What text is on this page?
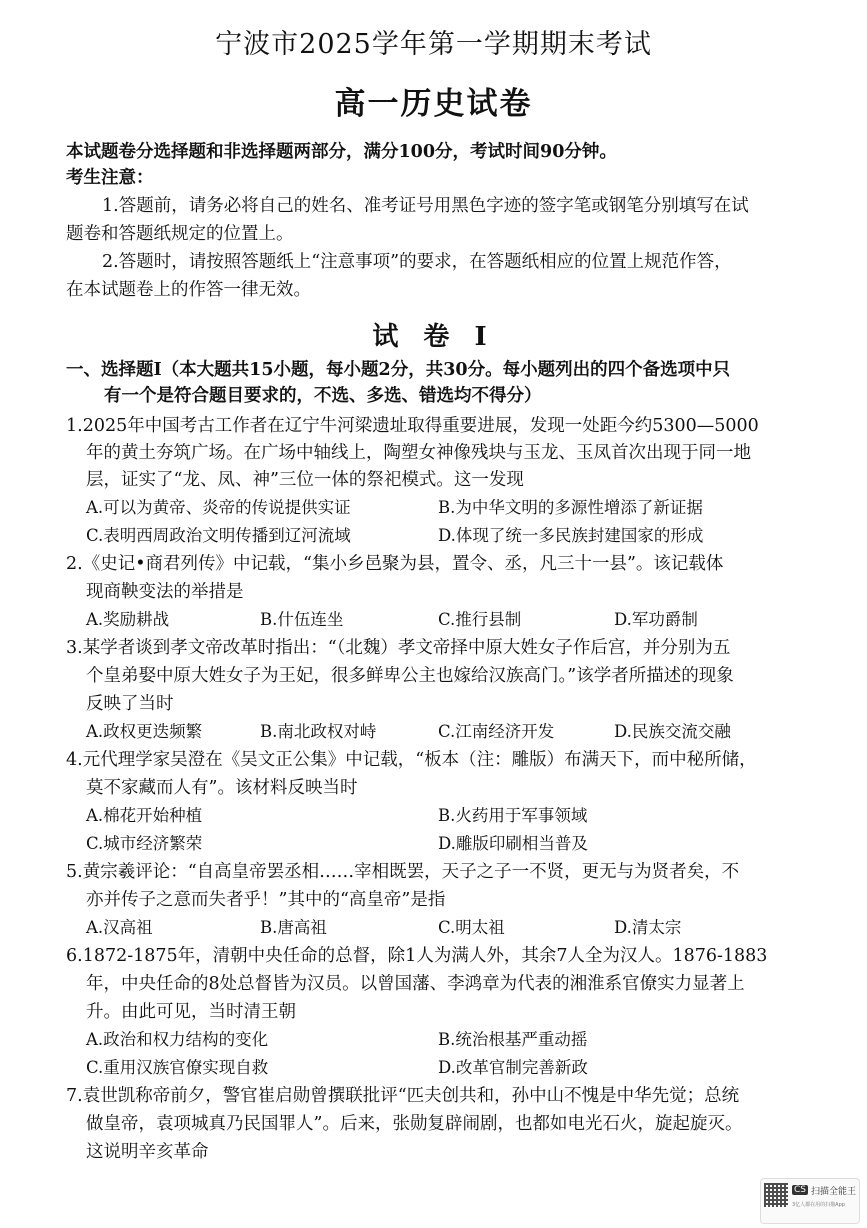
宁波市2025学年第一学期期末考试
高一历史试卷
本试题卷分选择题和非选择题两部分，满分100分，考试时间90分钟。
考生注意：
1.答题前，请务必将自己的姓名、准考证号用黑色字迹的签字笔或钢笔分别填写在试
题卷和答题纸规定的位置上。
2.答题时，请按照答题纸上“注意事项”的要求，在答题纸相应的位置上规范作答，
在本试题卷上的作答一律无效。
试 卷 Ⅰ
一、选择题Ⅰ（本大题共15小题，每小题2分，共30分。每小题列出的四个备选项中只
有一个是符合题目要求的，不选、多选、错选均不得分）
1.2025年中国考古工作者在辽宁牛河梁遗址取得重要进展，发现一处距今约5300—5000
年的黄土夯筑广场。在广场中轴线上，陶塑女神像残块与玉龙、玉凤首次出现于同一地
层，证实了“龙、凤、神”三位一体的祭祀模式。这一发现
A.可以为黄帝、炎帝的传说提供实证	B.为中华文明的多源性增添了新证据
C.表明西周政治文明传播到辽河流域	D.体现了统一多民族封建国家的形成
2.《史记•商君列传》中记载，“集小乡邑聚为县，置令、丞，凡三十一县”。该记载体
现商鞅变法的举措是
A.奖励耕战	B.什伍连坐	C.推行县制	D.军功爵制
3.某学者谈到孝文帝改革时指出：“（北魏）孝文帝择中原大姓女子作后宫，并分别为五
个皇弟娶中原大姓女子为王妃，很多鲜卑公主也嫁给汉族高门。”该学者所描述的现象
反映了当时
A.政权更迭频繁	B.南北政权对峙	C.江南经济开发	D.民族交流交融
4.元代理学家吴澄在《吴文正公集》中记载，“板本（注：雕版）布满天下，而中秘所储，
莫不家藏而人有”。该材料反映当时
A.棉花开始种植	B.火药用于军事领域
C.城市经济繁荣	D.雕版印刷相当普及
5.黄宗羲评论：“自高皇帝罢丞相……宰相既罢，天子之子一不贤，更无与为贤者矣，不
亦并传子之意而失者乎！”其中的“高皇帝”是指
A.汉高祖	B.唐高祖	C.明太祖	D.清太宗
6.1872-1875年，清朝中央任命的总督，除1人为满人外，其余7人全为汉人。1876-1883
年，中央任命的8处总督皆为汉员。以曾国藩、李鸿章为代表的湘淮系官僚实力显著上
升。由此可见，当时清王朝
A.政治和权力结构的变化	B.统治根基严重动摇
C.重用汉族官僚实现自救	D.改革官制完善新政
7.袁世凯称帝前夕，警官崔启勋曾撰联批评“匹夫创共和，孙中山不愧是中华先觉；总统
做皇帝，袁项城真乃民国罪人”。后来，张勋复辟闹剧，也都如电光石火，旋起旋灭。
这说明辛亥革命
CS 扫描全能王
3亿人都在用的扫描App
